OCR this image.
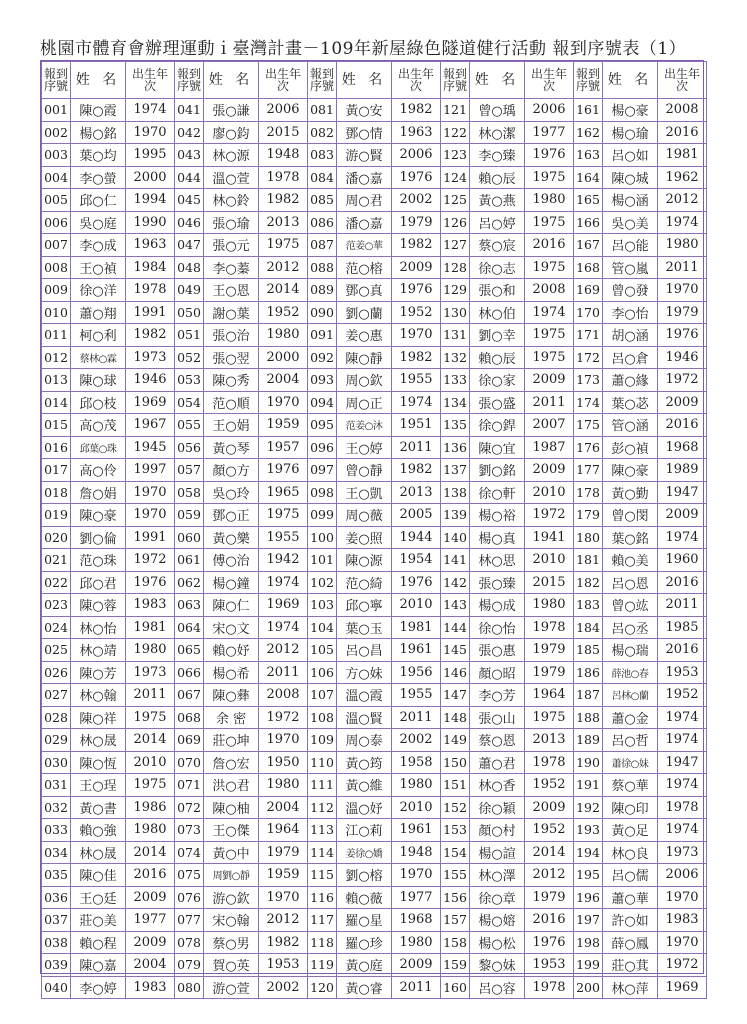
桃園市體育會辦理運動ｉ臺灣計畫－109年新屋綠色隧道健行活動 報到序號表（1）
報到序號	姓 名	出生年次	報到序號	姓 名	出生年次	報到序號	姓 名	出生年次	報到序號	姓 名	出生年次	報到序號	姓 名	出生年次
001	陳○霞	1974	041	張○謙	2006	081	黃○安	1982	121	曾○瑀	2006	161	楊○豪	2008
002	楊○銘	1970	042	廖○鈞	2015	082	鄧○情	1963	122	林○潔	1977	162	楊○瑜	2016
003	葉○均	1995	043	林○源	1948	083	游○賢	2006	123	李○臻	1976	163	呂○如	1981
004	李○螢	2000	044	溫○萱	1978	084	潘○嘉	1976	124	賴○辰	1975	164	陳○城	1962
005	邱○仁	1994	045	林○鈴	1982	085	周○君	2002	125	黃○燕	1980	165	楊○涵	2012
006	吳○庭	1990	046	張○瑜	2013	086	潘○嘉	1979	126	呂○婷	1975	166	吳○美	1974
007	李○成	1963	047	張○元	1975	087	范姜○華	1982	127	蔡○宸	2016	167	呂○能	1980
008	王○禎	1984	048	李○蓁	2012	088	范○榕	2009	128	徐○志	1975	168	管○嵐	2011
009	徐○洋	1978	049	王○恩	2014	089	鄧○真	1976	129	張○和	2008	169	曾○發	1970
010	蕭○翔	1991	050	謝○葉	1952	090	劉○蘭	1952	130	林○伯	1974	170	李○怡	1979
011	柯○利	1982	051	張○治	1980	091	姜○惠	1970	131	劉○幸	1975	171	胡○涵	1976
012	蔡林○霖	1973	052	張○翌	2000	092	陳○靜	1982	132	賴○辰	1975	172	呂○倉	1946
013	陳○球	1946	053	陳○秀	2004	093	周○欽	1955	133	徐○家	2009	173	蕭○緣	1972
014	邱○枝	1969	054	范○順	1970	094	周○正	1974	134	張○盛	2011	174	葉○苾	2009
015	高○茂	1967	055	王○娟	1959	095	范姜○沐	1951	135	徐○銲	2007	175	管○涵	2016
016	邱葉○珠	1945	056	黃○琴	1957	096	王○婷	2011	136	陳○宜	1987	176	彭○禎	1968
017	高○伶	1997	057	顏○方	1976	097	曾○靜	1982	137	劉○銘	2009	177	陳○豪	1989
018	詹○娟	1970	058	吳○玲	1965	098	王○凱	2013	138	徐○軒	2010	178	黃○勤	1947
019	陳○豪	1970	059	鄧○正	1975	099	周○薇	2005	139	楊○裕	1972	179	曾○閔	2009
020	劉○倫	1991	060	黃○樂	1955	100	姜○照	1944	140	楊○真	1941	180	葉○銘	1974
021	范○珠	1972	061	傅○治	1942	101	陳○源	1954	141	林○思	2010	181	賴○美	1960
022	邱○君	1976	062	楊○鐘	1974	102	范○綺	1976	142	張○臻	2015	182	呂○恩	2016
023	陳○蓉	1983	063	陳○仁	1969	103	邱○寧	2010	143	楊○成	1980	183	曾○竑	2011
024	林○怡	1981	064	宋○文	1974	104	葉○玉	1981	144	徐○怡	1978	184	呂○丞	1985
025	林○靖	1980	065	賴○妤	2012	105	呂○昌	1961	145	張○惠	1979	185	楊○瑞	2016
026	陳○芳	1973	066	楊○希	2011	106	方○妹	1956	146	顏○昭	1979	186	薛池○春	1953
027	林○翰	2011	067	陳○彝	2008	107	溫○霞	1955	147	李○芳	1964	187	呂林○蘭	1952
028	陳○祥	1975	068	余 密	1972	108	溫○賢	2011	148	張○山	1975	188	蕭○金	1974
029	林○晟	2014	069	莊○坤	1970	109	周○泰	2002	149	蔡○恩	2013	189	呂○哲	1974
030	陳○恆	2010	070	詹○宏	1950	110	黃○筠	1958	150	蕭○君	1978	190	蕭徐○妹	1947
031	王○珵	1975	071	洪○君	1980	111	黃○維	1980	151	林○香	1952	191	蔡○華	1974
032	黃○書	1986	072	陳○柚	2004	112	溫○妤	2010	152	徐○穎	2009	192	陳○印	1978
033	賴○強	1980	073	王○傑	1964	113	江○莉	1961	153	顏○村	1952	193	黃○足	1974
034	林○晟	2014	074	黃○中	1979	114	姜徐○嬌	1948	154	楊○諠	2014	194	林○良	1973
035	陳○佳	2016	075	周劉○靜	1959	115	劉○榕	1970	155	林○澤	2012	195	呂○儒	2006
036	王○廷	2009	076	游○欽	1970	116	賴○薇	1977	156	徐○章	1979	196	蕭○華	1970
037	莊○美	1977	077	宋○翰	2012	117	羅○星	1968	157	楊○嫆	2016	197	許○如	1983
038	賴○程	2009	078	蔡○男	1982	118	羅○珍	1980	158	楊○松	1976	198	薛○鳳	1970
039	陳○嘉	2004	079	賀○英	1953	119	黃○庭	2009	159	黎○妹	1953	199	莊○萁	1972
040	李○婷	1983	080	游○萱	2002	120	黃○睿	2011	160	呂○容	1978	200	林○萍	1969
